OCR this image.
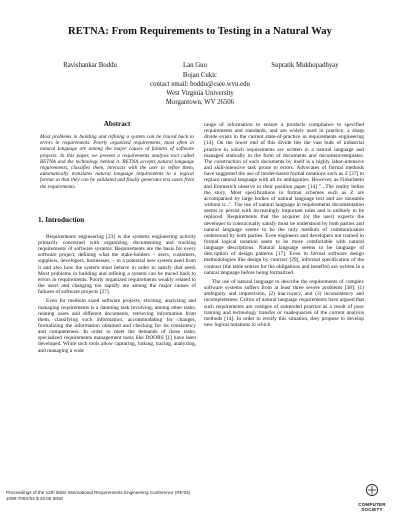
RETNA: From Requirements to Testing in a Natural Way
Ravishankar Boddu	Lan Guo	Supratik Mukhopadhyay
Bojan Cukic
contact email: boddu@csee.wvu.edu
West Virginia University
Morgantown, WV 26506
Abstract

Most problems in building and refining a system can be traced back to errors in requirements. Poorly organized requirements, most often in natural language are among the major causes of failures of software projects. In this paper, we present a requirements analysis tool called RETNA and the technology behind it. RETNA accepts natural language requirements, classifies them, interacts with the user to refine them, automatically translates natural language requirements to a logical format so that they can be validated and finally generates test cases from the requirements.

1. Introduction

Requirements engineering [23] is the systems engineering activity primarily concerned with organizing, documenting and tracking requirements of software systems. Requirements are the basis for every software project, defining what the stake-holders – users, customers, suppliers, developers, businesses, – in a potential new system need from it and also how the system must behave in order to satisfy that need. Most problems in building and refining a system can be traced back to errors in requirements. Poorly organized requirements weakly related to the users and changing too rapidly are among the major causes of failures of software projects [27].

Even for medium sized software projects, eliciting, analyzing and managing requirements is a daunting task involving, among other tasks, relating users and different documents, retrieving information from them, classifying such information, accommodating for changes, formalizing the information obtained and checking for its consistency and completeness. In order to meet the demands of these tasks, specialized requirements management tools like DOORS [1] have been developed. While such tools allow capturing, linking, tracing, analyzing, and managing a wide

range of information to ensure a products compliance to specified requirements and standards, and are widely used in practice, a sharp divide exists in the current state-of-practice in requirements engineering [14]. On the lower end of this divide lies the vast bulk of industrial practice in which requirements are written in a natural language and managed statically in the form of documents and document-templates. The construction of such documents by itself is a highly labor-intensive and skill-intensive task prone to errors. Advocates of formal methods have suggested the use of model-based formal notations such as Z [37] to replace natural language with all its ambiguities. However, as Finkelstein and Emmerich observe in their position paper [14] "...The reality belies the story. Most specifications in formal schemes such as Z are accompanied by large bodies of natural language text and are unusable without it...". The use of natural language in requirements documentation seems to persist with increasingly important roles and is unlikely to be replaced. Requirements that the acquirer (or the user) expects the developer to contractually satisfy must be understood by both parties and natural language seems to be the only medium of communication understood by both parties. Even engineers and developers not trained in formal logical notation seem to be more comfortable with natural language descriptions. Natural language seems to be language of description of design patterns [17]. Even in formal software design methodologies like design by contract [29], informal specification of the contract (the table entries for the obligations and benefits) are written in a natural language before being formalized.

The use of natural language to describe the requirements of complex software systems suffers from at least three severe problems [38]: (1) ambiguity and imprecision, (2) inaccuracy, and (3) inconsistency and incompleteness. Critics of natural language requirements have argued that such requirements are vestiges of outmoded practice as a result of poor training and technology transfer or inadequacies of the current analysis methods [14]. In order to rectify this situation, they propose to develop new logical notations to which

Proceedings of the 12th IEEE International Requirements Engineering Conference (RE'04)
1090-705X/04 $ 20.00 IEEE
COMPUTER
SOCIETY
